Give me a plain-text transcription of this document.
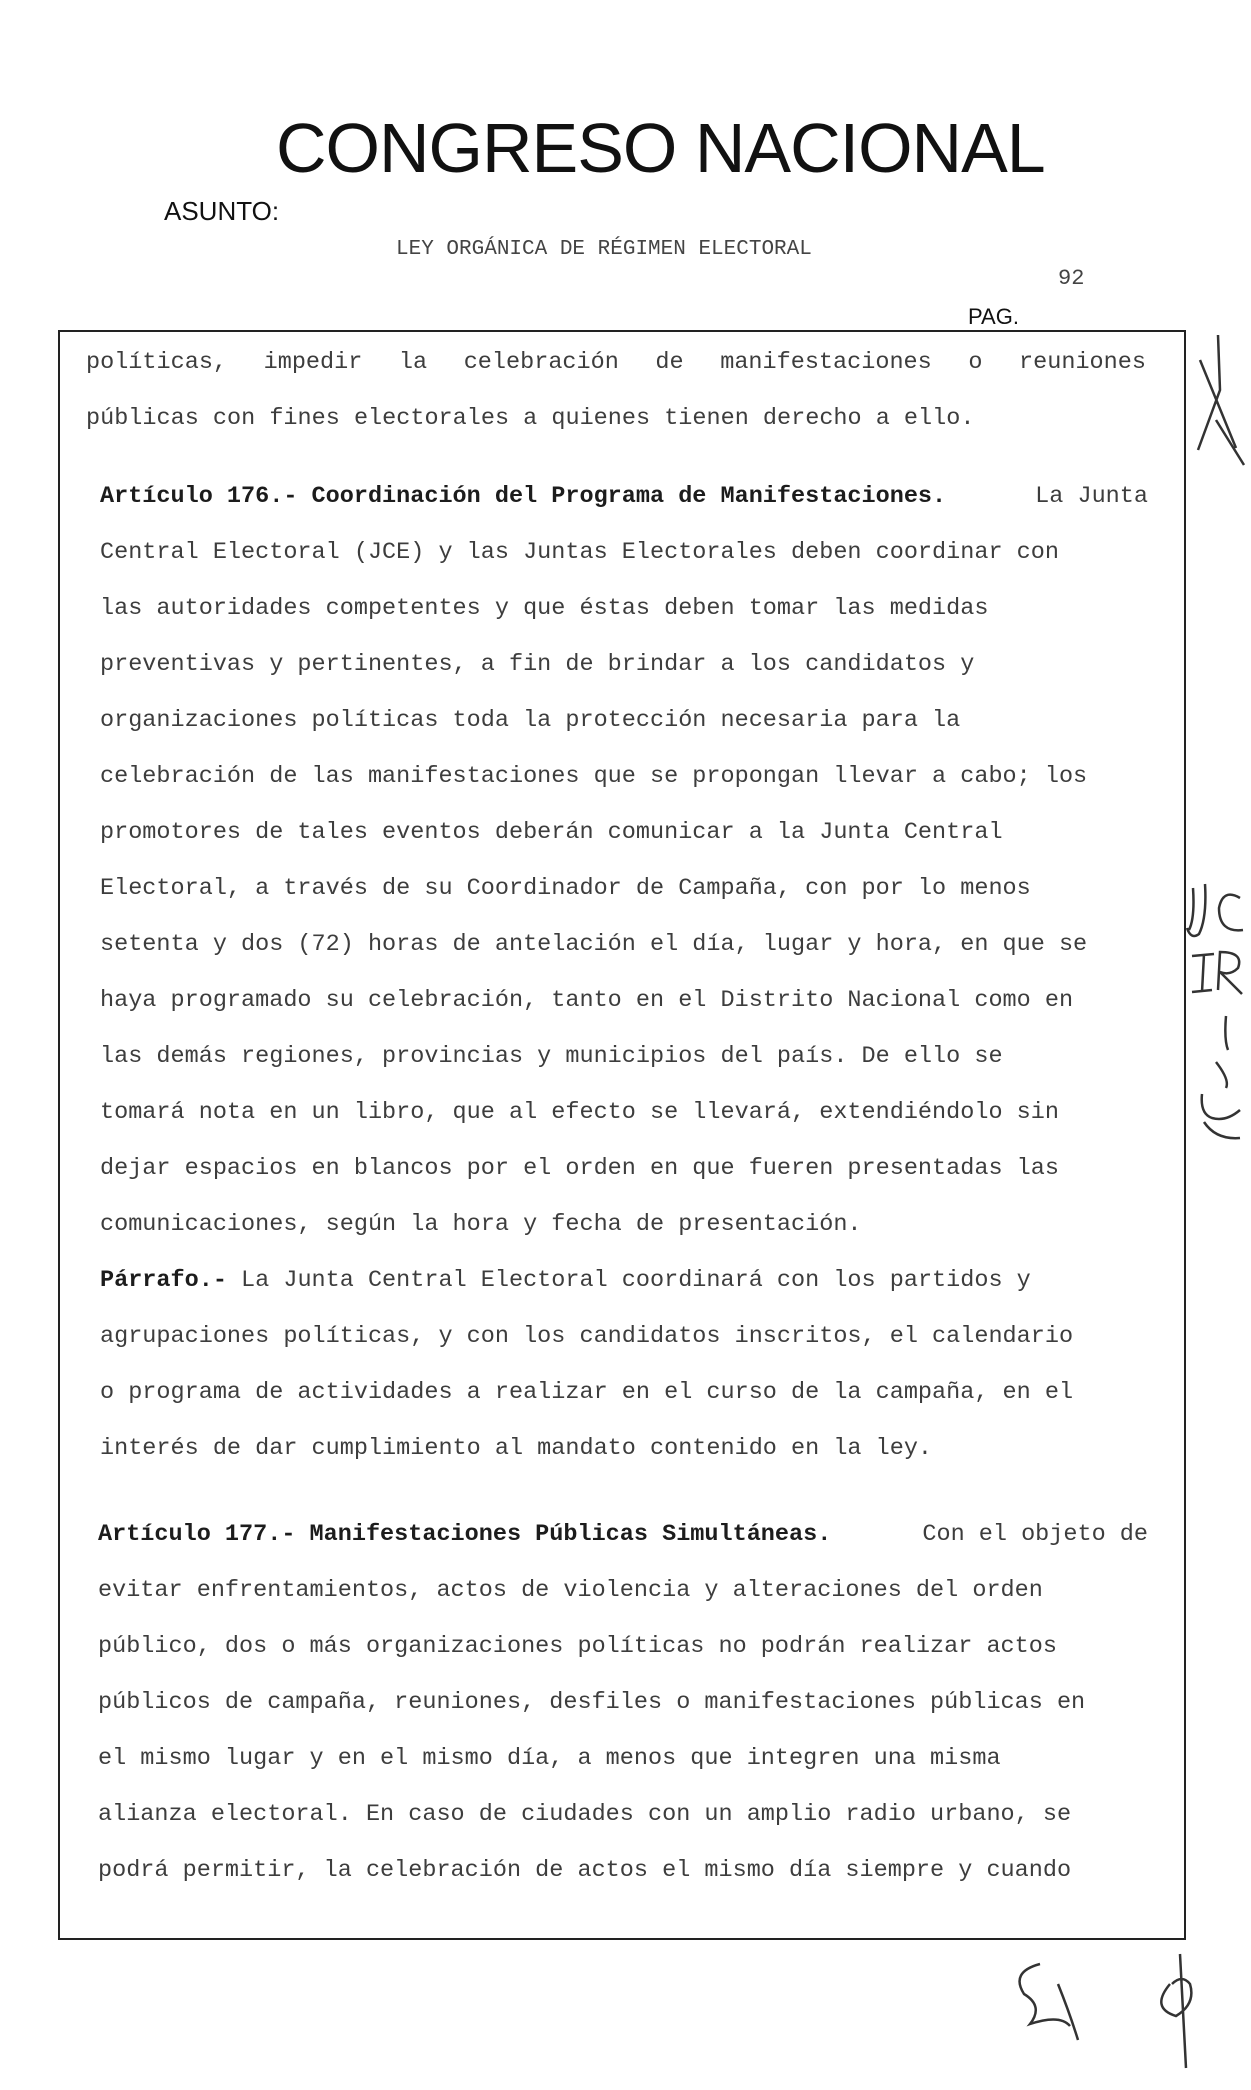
CONGRESO NACIONAL
ASUNTO:
LEY ORGÁNICA DE RÉGIMEN ELECTORAL
92
PAG.
políticas, impedir la celebración de manifestaciones o reuniones
públicas con fines electorales a quienes tienen derecho a ello.
Artículo 176.- Coordinación del Programa de Manifestaciones.	La Junta
Central Electoral (JCE) y las Juntas Electorales deben coordinar con
las autoridades competentes y que éstas deben tomar las medidas
preventivas y pertinentes, a fin de brindar a los candidatos y
organizaciones políticas toda la protección necesaria para la
celebración de las manifestaciones que se propongan llevar a cabo; los
promotores de tales eventos deberán comunicar a la Junta Central
Electoral, a través de su Coordinador de Campaña, con por lo menos
setenta y dos (72) horas de antelación el día, lugar y hora, en que se
haya programado su celebración, tanto en el Distrito Nacional como en
las demás regiones, provincias y municipios del país. De ello se
tomará nota en un libro, que al efecto se llevará, extendiéndolo sin
dejar espacios en blancos por el orden en que fueren presentadas las
comunicaciones, según la hora y fecha de presentación.
Párrafo.- La Junta Central Electoral coordinará con los partidos y
agrupaciones políticas, y con los candidatos inscritos, el calendario
o programa de actividades a realizar en el curso de la campaña, en el
interés de dar cumplimiento al mandato contenido en la ley.
Artículo 177.- Manifestaciones Públicas Simultáneas.	Con el objeto de
evitar enfrentamientos, actos de violencia y alteraciones del orden
público, dos o más organizaciones políticas no podrán realizar actos
públicos de campaña, reuniones, desfiles o manifestaciones públicas en
el mismo lugar y en el mismo día, a menos que integren una misma
alianza electoral. En caso de ciudades con un amplio radio urbano, se
podrá permitir, la celebración de actos el mismo día siempre y cuando
